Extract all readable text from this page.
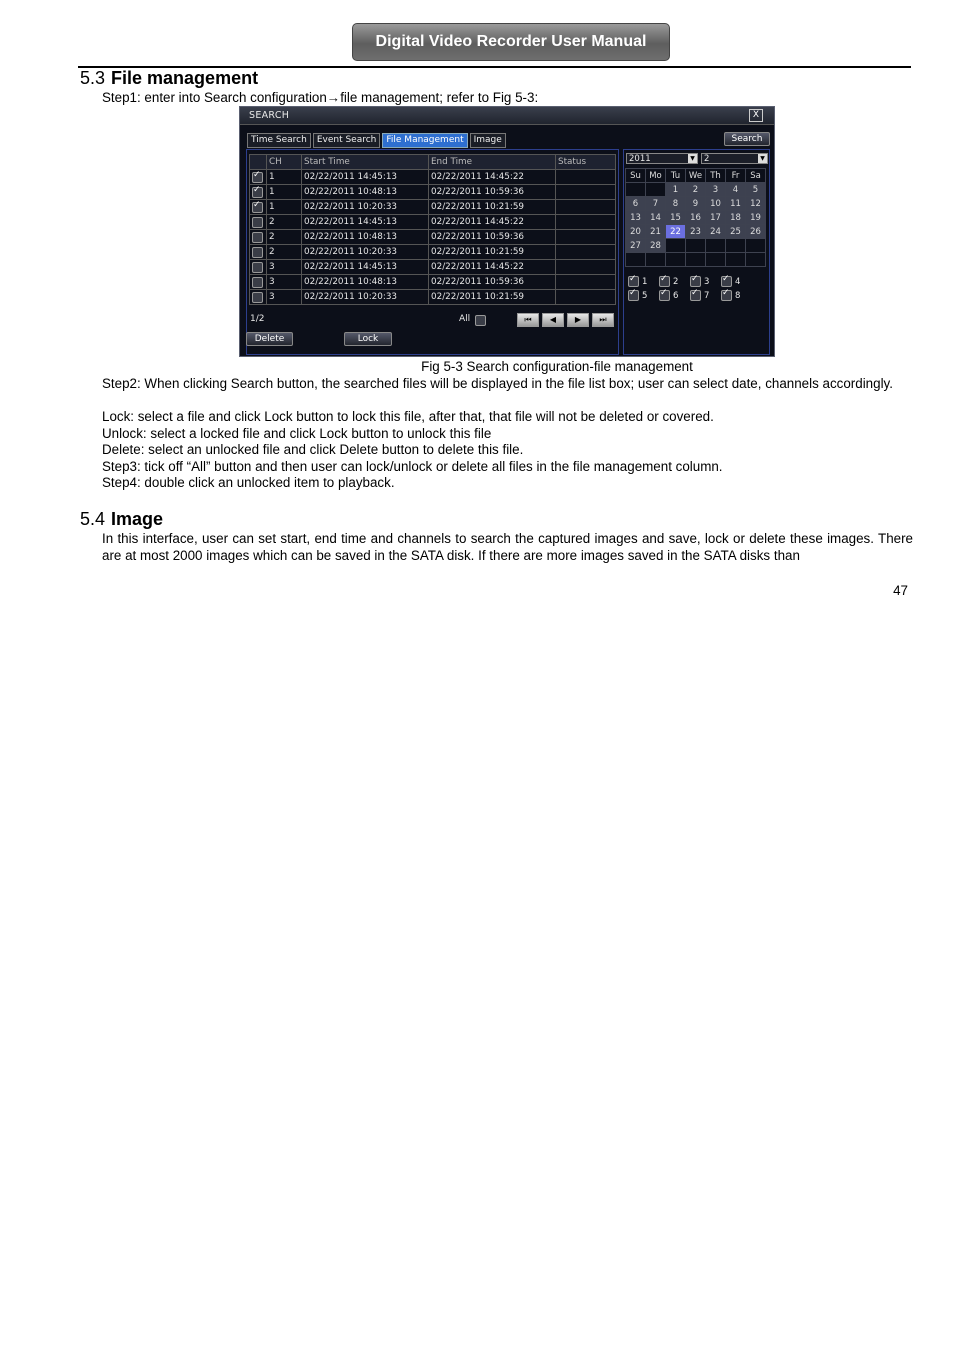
Digital Video Recorder User Manual
5.3 File management
Step1: enter into Search configuration→file management; refer to Fig 5-3:
SEARCH	X
Time Search	Event Search	File Management	Image	Search
	CH	Start Time	End Time	Status
✓	1	02/22/2011 14:45:13	02/22/2011 14:45:22	
✓	1	02/22/2011 10:48:13	02/22/2011 10:59:36	
✓	1	02/22/2011 10:20:33	02/22/2011 10:21:59	
	2	02/22/2011 14:45:13	02/22/2011 14:45:22	
	2	02/22/2011 10:48:13	02/22/2011 10:59:36	
	2	02/22/2011 10:20:33	02/22/2011 10:21:59	
	3	02/22/2011 14:45:13	02/22/2011 14:45:22	
	3	02/22/2011 10:48:13	02/22/2011 10:59:36	
	3	02/22/2011 10:20:33	02/22/2011 10:21:59	
1/2	All	⏮	◀	▶	⏭
Delete	Lock
2011	▼	2	▼
Su	Mo	Tu	We	Th	Fr	Sa
		1	2	3	4	5
6	7	8	9	10	11	12
13	14	15	16	17	18	19
20	21	22	23	24	25	26
27	28					

✓1 ✓	2 ✓	3 ✓	4
✓5 ✓	6 ✓	7 ✓	8
Fig 5-3 Search configuration-file management
Step2: When clicking Search button, the searched files will be displayed in the file list box; user can select date, channels accordingly.
Lock: select a file and click Lock button to lock this file, after that, that file will not be deleted or covered.
Unlock: select a locked file and click Lock button to unlock this file
Delete: select an unlocked file and click Delete button to delete this file.
Step3: tick off “All” button and then user can lock/unlock or delete all files in the file management column.
Step4: double click an unlocked item to playback.
5.4 Image
In this interface, user can set start, end time and channels to search the captured images and save, lock or delete these images. There are at most 2000 images which can be saved in the SATA disk. If there are more images saved in the SATA disks than
47
